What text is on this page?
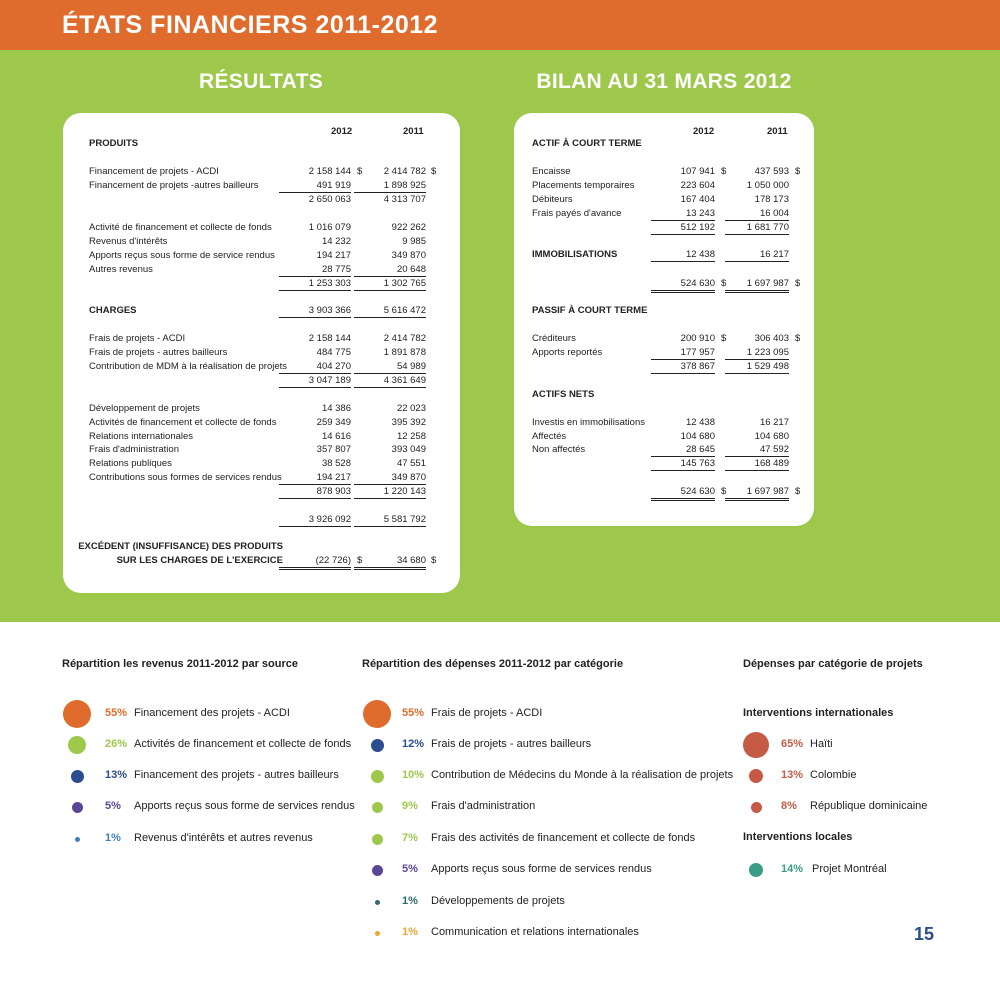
ÉTATS FINANCIERS 2011-2012
RÉSULTATS	BILAN AU 31 MARS 2012
2012	2011
PRODUITS
Financement de projets - ACDI	2 158 144 $	2 414 782 $
Financement de projets -autres bailleurs	491 919	1 898 925
2 650 063	4 313 707
Activité de financement et collecte de fonds	1 016 079	922 262
Revenus d'intérêts	14 232	9 985
Apports reçus sous forme de service rendus	194 217	349 870
Autres revenus	28 775	20 648
1 253 303	1 302 765
CHARGES	3 903 366	5 616 472
Frais de projets - ACDI	2 158 144	2 414 782
Frais de projets - autres bailleurs	484 775	1 891 878
Contribution de MDM à la réalisation de projets	404 270	54 989
3 047 189	4 361 649
Développement de projets	14 386	22 023
Activités de financement et collecte de fonds	259 349	395 392
Relations internationales	14 616	12 258
Frais d'administration	357 807	393 049
Relations publiques	38 528	47 551
Contributions sous formes de services rendus	194 217	349 870
878 903	1 220 143
3 926 092	5 581 792
EXCÉDENT (INSUFFISANCE) DES PRODUITS
SUR LES CHARGES DE L'EXERCICE	(22 726) $	34 680 $
2012	2011
ACTIF À COURT TERME
Encaisse	107 941 $	437 593 $
Placements temporaires	223 604	1 050 000
Débiteurs	167 404	178 173
Frais payés d'avance	13 243	16 004
512 192	1 681 770
IMMOBILISATIONS	12 438	16 217
524 630 $	1 697 987 $
PASSIF À COURT TERME
Créditeurs	200 910 $	306 403 $
Apports reportés	177 957	1 223 095
378 867	1 529 498
ACTIFS NETS
Investis en immobilisations	12 438	16 217
Affectés	104 680	104 680
Non affectés	28 645	47 592
145 763	168 489
524 630 $	1 697 987 $
Répartition les revenus 2011-2012 par source
55% Financement des projets - ACDI
26% Activités de financement et collecte de fonds
13% Financement des projets - autres bailleurs
5% Apports reçus sous forme de services rendus
1% Revenus d'intérêts et autres revenus
Répartition des dépenses 2011-2012 par catégorie
55% Frais de projets - ACDI
12% Frais de projets - autres bailleurs
10% Contribution de Médecins du Monde à la réalisation de projets
9% Frais d'administration
7% Frais des activités de financement et collecte de fonds
5% Apports reçus sous forme de services rendus
1% Développements de projets
1% Communication et relations internationales
Dépenses par catégorie de projets
Interventions internationales
Interventions locales
65% Haïti
13% Colombie
8% République dominicaine
14% Projet Montréal
15
